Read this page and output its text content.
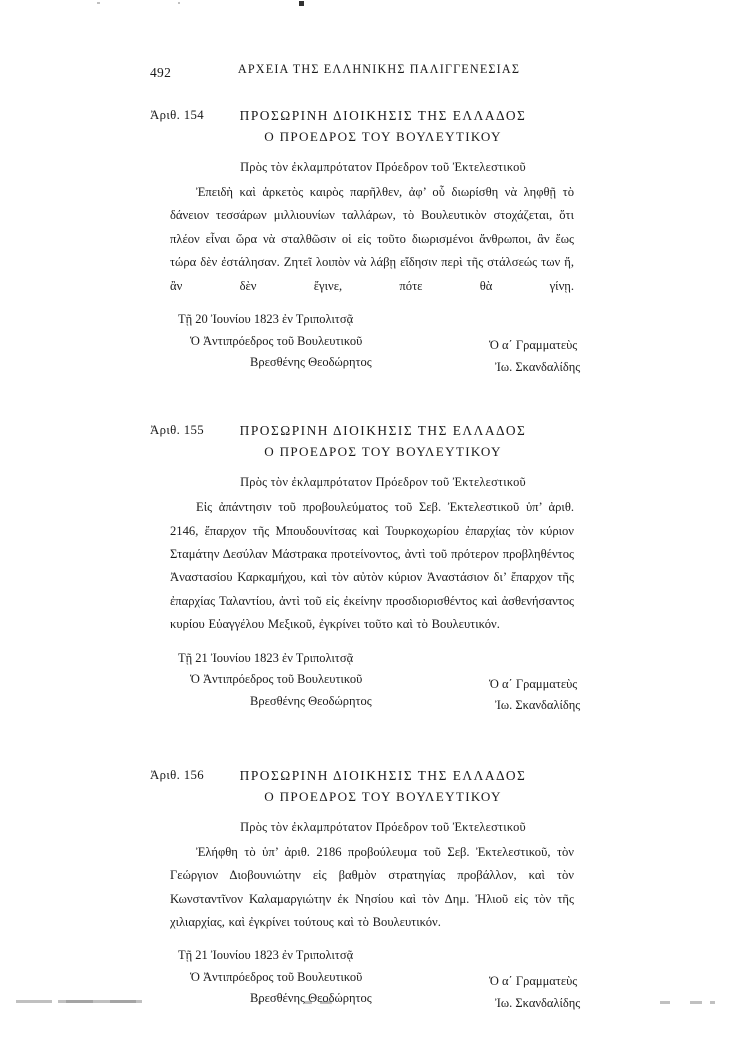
492	ΑΡΧΕΙΑ ΤΗΣ ΕΛΛΗΝΙΚΗΣ ΠΑΛΙΓΓΕΝΕΣΙΑΣ
Ἀριθ. 154	ΠΡΟΣΩΡΙΝΗ ΔΙΟΙΚΗΣΙΣ ΤΗΣ ΕΛΛΑΔΟΣ
Ο ΠΡΟΕΔΡΟΣ ΤΟΥ ΒΟΥΛΕΥΤΙΚΟΥ
Πρὸς τὸν ἐκλαμπρότατον Πρόεδρον τοῦ Ἐκτελεστικοῦ
Ἐπειδὴ καὶ ἀρκετὸς καιρὸς παρῆλθεν, ἀφ’ οὗ διωρίσθη νὰ ληφθῇ τὸ δάνειον τεσσάρων μιλλιουνίων ταλλάρων, τὸ Βουλευτικὸν στοχάζεται, ὅτι πλέον εἶναι ὥρα νὰ σταλθῶσιν οἱ εἰς τοῦτο διωρισμένοι ἄνθρωποι, ἂν ἕως τώρα δὲν ἐστάλησαν. Ζητεῖ λοιπὸν νὰ λάβῃ εἴδησιν περὶ τῆς στάλσεώς των ἤ, ἂν δὲν ἔγινε, πότε θὰ γίνῃ.
Τῇ 20 Ἰουνίου 1823 ἐν Τριπολιτσᾷ
Ὁ Ἀντιπρόεδρος τοῦ Βουλευτικοῦ
Βρεσθένης Θεοδώρητος
Ὁ α΄ Γραμματεὺς
Ἰω. Σκανδαλίδης
Ἀριθ. 155	ΠΡΟΣΩΡΙΝΗ ΔΙΟΙΚΗΣΙΣ ΤΗΣ ΕΛΛΑΔΟΣ
Ο ΠΡΟΕΔΡΟΣ ΤΟΥ ΒΟΥΛΕΥΤΙΚΟΥ
Πρὸς τὸν ἐκλαμπρότατον Πρόεδρον τοῦ Ἐκτελεστικοῦ
Εἰς ἀπάντησιν τοῦ προβουλεύματος τοῦ Σεβ. Ἐκτελεστικοῦ ὑπ’ ἀριθ. 2146, ἔπαρχον τῆς Μπουδουνίτσας καὶ Τουρκοχωρίου ἐπαρχίας τὸν κύριον Σταμάτην Δεσύλαν Μάστρακα προτείνοντος, ἀντὶ τοῦ πρότερον προβληθέντος Ἀναστασίου Καρκαμήχου, καὶ τὸν αὐτὸν κύριον Ἀναστάσιον δι’ ἔπαρχον τῆς ἐπαρχίας Ταλαντίου, ἀντὶ τοῦ εἰς ἐκείνην προσδιορισθέντος καὶ ἀσθενήσαντος κυρίου Εὐαγγέλου Μεξικοῦ, ἐγκρίνει τοῦτο καὶ τὸ Βουλευτικόν.
Τῇ 21 Ἰουνίου 1823 ἐν Τριπολιτσᾷ
Ὁ Ἀντιπρόεδρος τοῦ Βουλευτικοῦ
Βρεσθένης Θεοδώρητος
Ὁ α΄ Γραμματεὺς
Ἰω. Σκανδαλίδης
Ἀριθ. 156	ΠΡΟΣΩΡΙΝΗ ΔΙΟΙΚΗΣΙΣ ΤΗΣ ΕΛΛΑΔΟΣ
Ο ΠΡΟΕΔΡΟΣ ΤΟΥ ΒΟΥΛΕΥΤΙΚΟΥ
Πρὸς τὸν ἐκλαμπρότατον Πρόεδρον τοῦ Ἐκτελεστικοῦ
Ἐλήφθη τὸ ὑπ’ ἀριθ. 2186 προβούλευμα τοῦ Σεβ. Ἐκτελεστικοῦ, τὸν Γεώργιον Διοβουνιώτην εἰς βαθμὸν στρατηγίας προβάλλον, καὶ τὸν Κωνσταντῖνον Καλαμαργιώτην ἐκ Νησίου καὶ τὸν Δημ. Ἠλιοῦ εἰς τὸν τῆς χιλιαρχίας, καὶ ἐγκρίνει τούτους καὶ τὸ Βουλευτικόν.
Τῇ 21 Ἰουνίου 1823 ἐν Τριπολιτσᾷ
Ὁ Ἀντιπρόεδρος τοῦ Βουλευτικοῦ
Βρεσθένης Θεοδώρητος
Ὁ α΄ Γραμματεὺς
Ἰω. Σκανδαλίδης
